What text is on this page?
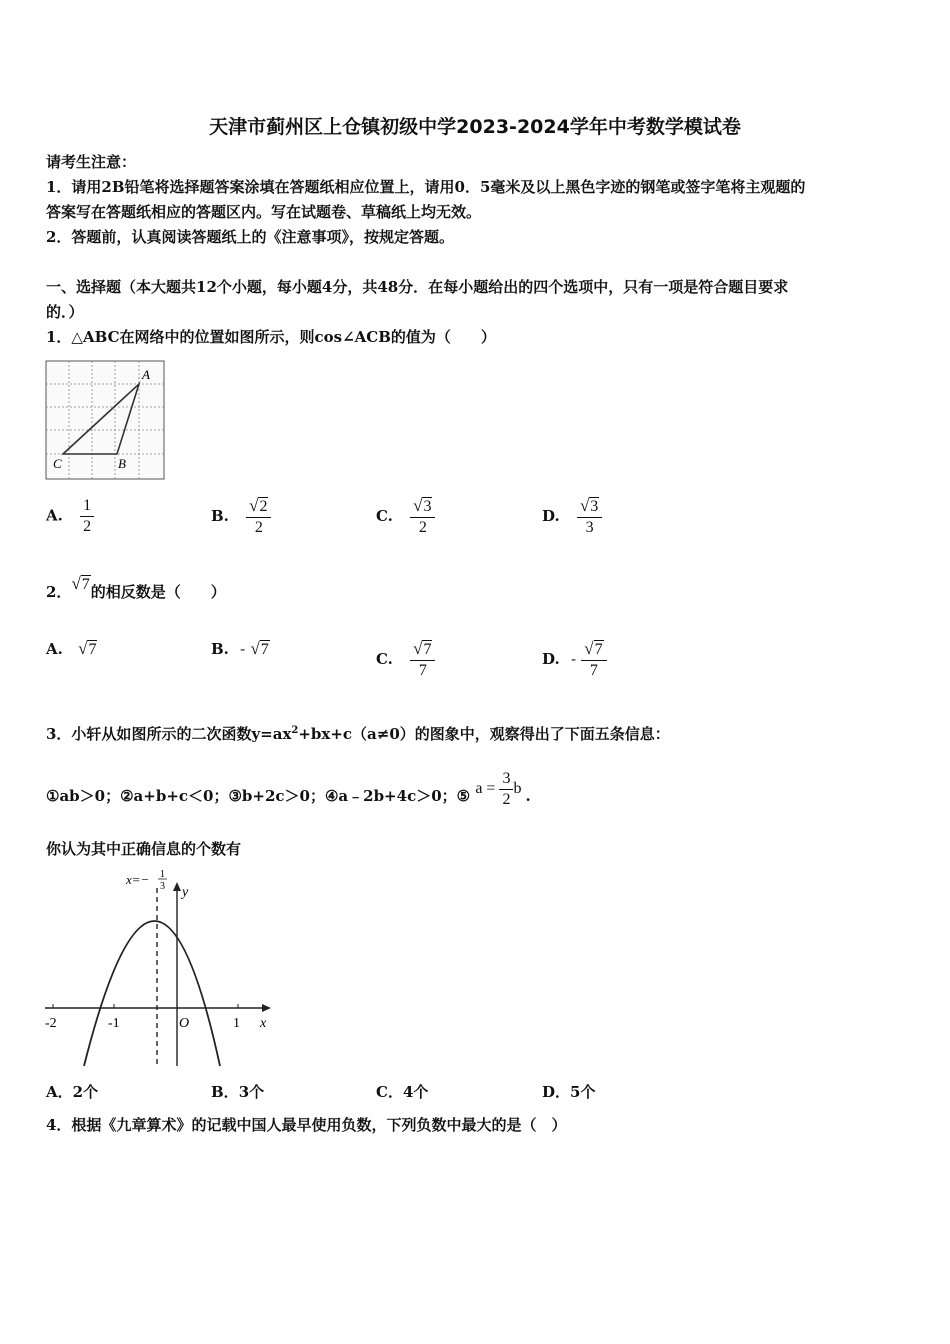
天津市蓟州区上仓镇初级中学2023-2024学年中考数学模试卷
请考生注意：
1．请用2B铅笔将选择题答案涂填在答题纸相应位置上，请用0．5毫米及以上黑色字迹的钢笔或签字笔将主观题的
答案写在答题纸相应的答题区内。写在试题卷、草稿纸上均无效。
2．答题前，认真阅读答题纸上的《注意事项》，按规定答题。
一、选择题（本大题共12个小题，每小题4分，共48分．在每小题给出的四个选项中，只有一项是符合题目要求
的．）
1．△ABC在网络中的位置如图所示，则cos∠ACB的值为（　　）
A
C	B
A. $\frac{1}{2}$	B. $\frac{√ 2}{2}$	C. $\frac{√ 3}{2}$	D. $\frac{√ 3}{3}$
2． √ 7 的相反数是（　　）
A. √ 7	B. - √ 7
C. $\frac{√ 7}{7}$	D. - $\frac{√ 7}{7}$
3．小轩从如图所示的二次函数$y=ax^2+bx+c(a\ne 0)$的图象中，观察得出了下面五条信息：
①ab＞0；②a+b+c＜0；③b+2c＞0；④a﹣2b+4c＞0；⑤ $a = \frac{3}{2}$ b .
你认为其中正确信息的个数有
-2	-1	1
O	x
y
x=− 1
3
A．2个	B．3个	C．4个	D．5个
4．根据《九章算术》的记载中国人最早使用负数，下列负数中最大的是（　）
